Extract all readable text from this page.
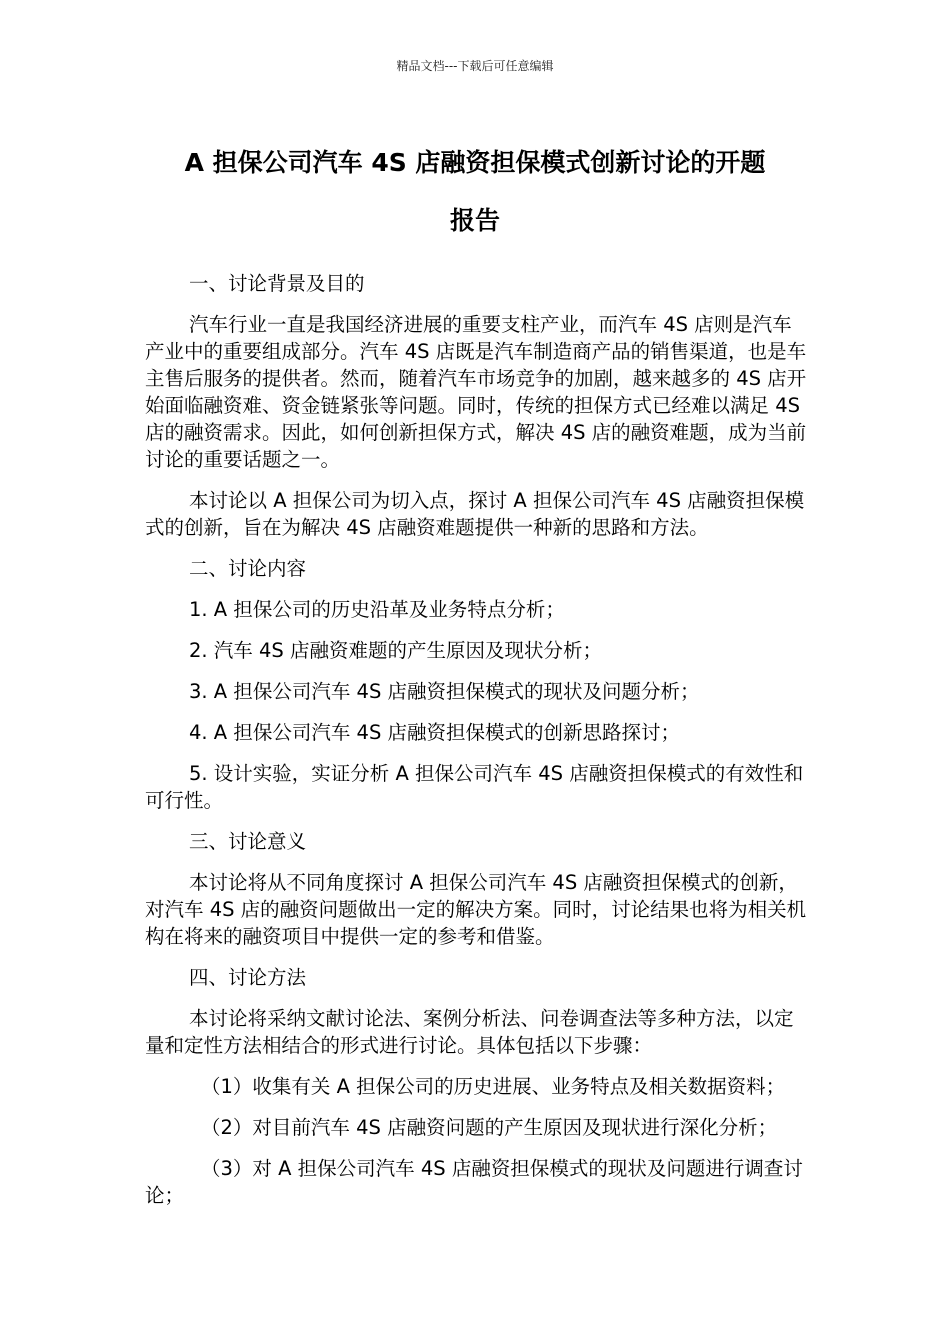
精品文档---下载后可任意编辑
A 担保公司汽车 4S 店融资担保模式创新讨论的开题
报告

一、讨论背景及目的

汽车行业一直是我国经济进展的重要支柱产业，而汽车 4S 店则是汽车产业中的重要组成部分。汽车 4S 店既是汽车制造商产品的销售渠道，也是车主售后服务的提供者。然而，随着汽车市场竞争的加剧，越来越多的 4S 店开始面临融资难、资金链紧张等问题。同时，传统的担保方式已经难以满足 4S 店的融资需求。因此，如何创新担保方式，解决 4S 店的融资难题，成为当前讨论的重要话题之一。

本讨论以 A 担保公司为切入点，探讨 A 担保公司汽车 4S 店融资担保模式的创新，旨在为解决 4S 店融资难题提供一种新的思路和方法。

二、讨论内容

1. A 担保公司的历史沿革及业务特点分析；

2. 汽车 4S 店融资难题的产生原因及现状分析；

3. A 担保公司汽车 4S 店融资担保模式的现状及问题分析；

4. A 担保公司汽车 4S 店融资担保模式的创新思路探讨；

5. 设计实验，实证分析 A 担保公司汽车 4S 店融资担保模式的有效性和可行性。

三、讨论意义

本讨论将从不同角度探讨 A 担保公司汽车 4S 店融资担保模式的创新，对汽车 4S 店的融资问题做出一定的解决方案。同时，讨论结果也将为相关机构在将来的融资项目中提供一定的参考和借鉴。

四、讨论方法

本讨论将采纳文献讨论法、案例分析法、问卷调查法等多种方法，以定量和定性方法相结合的形式进行讨论。具体包括以下步骤：

（1）收集有关 A 担保公司的历史进展、业务特点及相关数据资料；

（2）对目前汽车 4S 店融资问题的产生原因及现状进行深化分析；

（3）对 A 担保公司汽车 4S 店融资担保模式的现状及问题进行调查讨论；
